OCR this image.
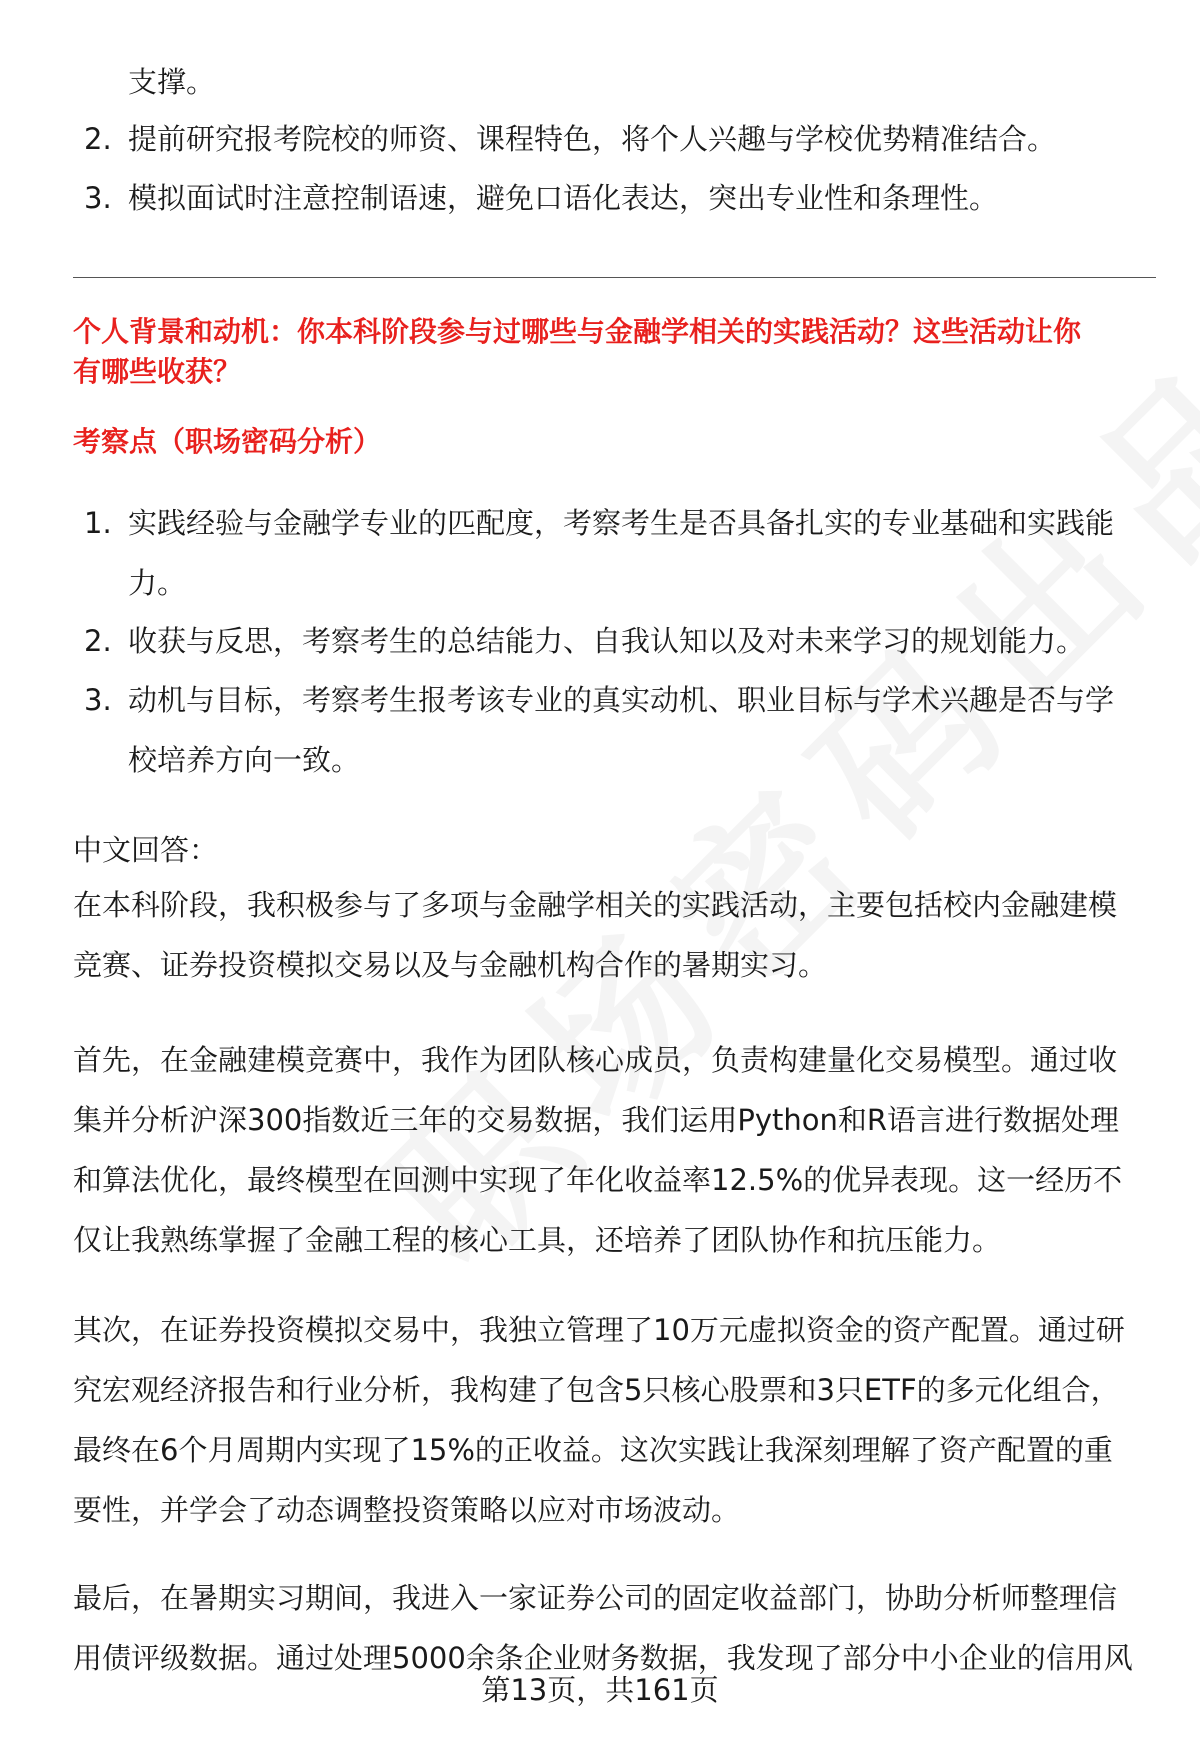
支撑。
2. 提前研究报考院校的师资、课程特色，将个人兴趣与学校优势精准结合。
3. 模拟面试时注意控制语速，避免口语化表达，突出专业性和条理性。
个人背景和动机：你本科阶段参与过哪些与金融学相关的实践活动？这些活动让你
有哪些收获？
考察点（职场密码分析）
1. 实践经验与金融学专业的匹配度，考察考生是否具备扎实的专业基础和实践能
力。
2. 收获与反思，考察考生的总结能力、自我认知以及对未来学习的规划能力。
3. 动机与目标，考察考生报考该专业的真实动机、职业目标与学术兴趣是否与学
校培养方向一致。
中文回答：
在本科阶段，我积极参与了多项与金融学相关的实践活动，主要包括校内金融建模
竞赛、证券投资模拟交易以及与金融机构合作的暑期实习。
首先，在金融建模竞赛中，我作为团队核心成员，负责构建量化交易模型。通过收
集并分析沪深300指数近三年的交易数据，我们运用Python和R语言进行数据处理
和算法优化，最终模型在回测中实现了年化收益率12.5%的优异表现。这一经历不
仅让我熟练掌握了金融工程的核心工具，还培养了团队协作和抗压能力。
其次，在证券投资模拟交易中，我独立管理了10万元虚拟资金的资产配置。通过研
究宏观经济报告和行业分析，我构建了包含5只核心股票和3只ETF的多元化组合，
最终在6个月周期内实现了15%的正收益。这次实践让我深刻理解了资产配置的重
要性，并学会了动态调整投资策略以应对市场波动。
最后，在暑期实习期间，我进入一家证券公司的固定收益部门，协助分析师整理信
用债评级数据。通过处理5000余条企业财务数据，我发现了部分中小企业的信用风
第13页，共161页
